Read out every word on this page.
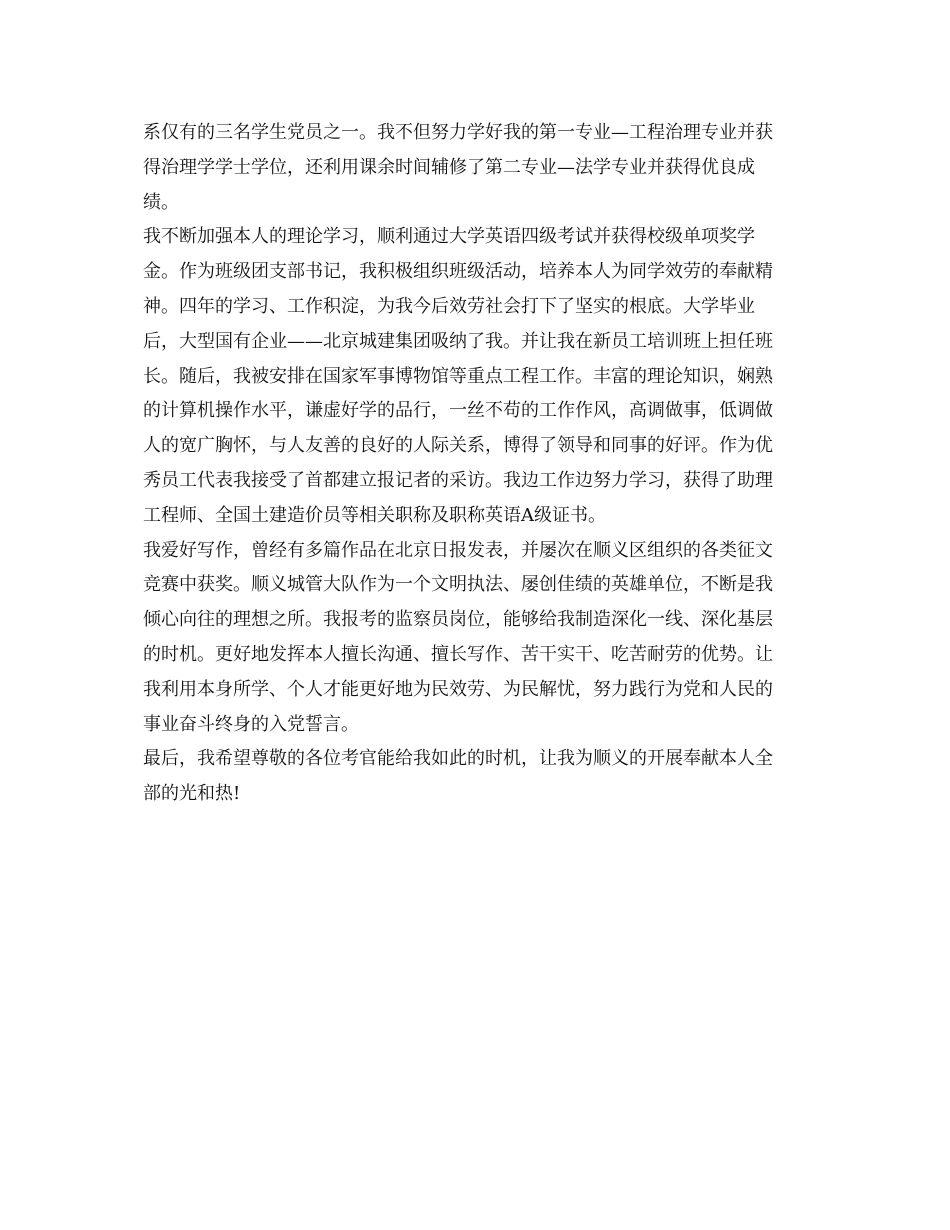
系仅有的三名学生党员之一。我不但努力学好我的第一专业—工程治理专业并获
得治理学学士学位，还利用课余时间辅修了第二专业—法学专业并获得优良成
绩。

我不断加强本人的理论学习，顺利通过大学英语四级考试并获得校级单项奖学
金。作为班级团支部书记，我积极组织班级活动，培养本人为同学效劳的奉献精
神。四年的学习、工作积淀，为我今后效劳社会打下了坚实的根底。大学毕业
后，大型国有企业——北京城建集团吸纳了我。并让我在新员工培训班上担任班
长。随后，我被安排在国家军事博物馆等重点工程工作。丰富的理论知识，娴熟
的计算机操作水平，谦虚好学的品行，一丝不苟的工作作风，高调做事，低调做
人的宽广胸怀，与人友善的良好的人际关系，博得了领导和同事的好评。作为优
秀员工代表我接受了首都建立报记者的采访。我边工作边努力学习，获得了助理
工程师、全国土建造价员等相关职称及职称英语A级证书。

我爱好写作，曾经有多篇作品在北京日报发表，并屡次在顺义区组织的各类征文
竞赛中获奖。顺义城管大队作为一个文明执法、屡创佳绩的英雄单位，不断是我
倾心向往的理想之所。我报考的监察员岗位，能够给我制造深化一线、深化基层
的时机。更好地发挥本人擅长沟通、擅长写作、苦干实干、吃苦耐劳的优势。让
我利用本身所学、个人才能更好地为民效劳、为民解忧，努力践行为党和人民的
事业奋斗终身的入党誓言。

最后，我希望尊敬的各位考官能给我如此的时机，让我为顺义的开展奉献本人全
部的光和热!
